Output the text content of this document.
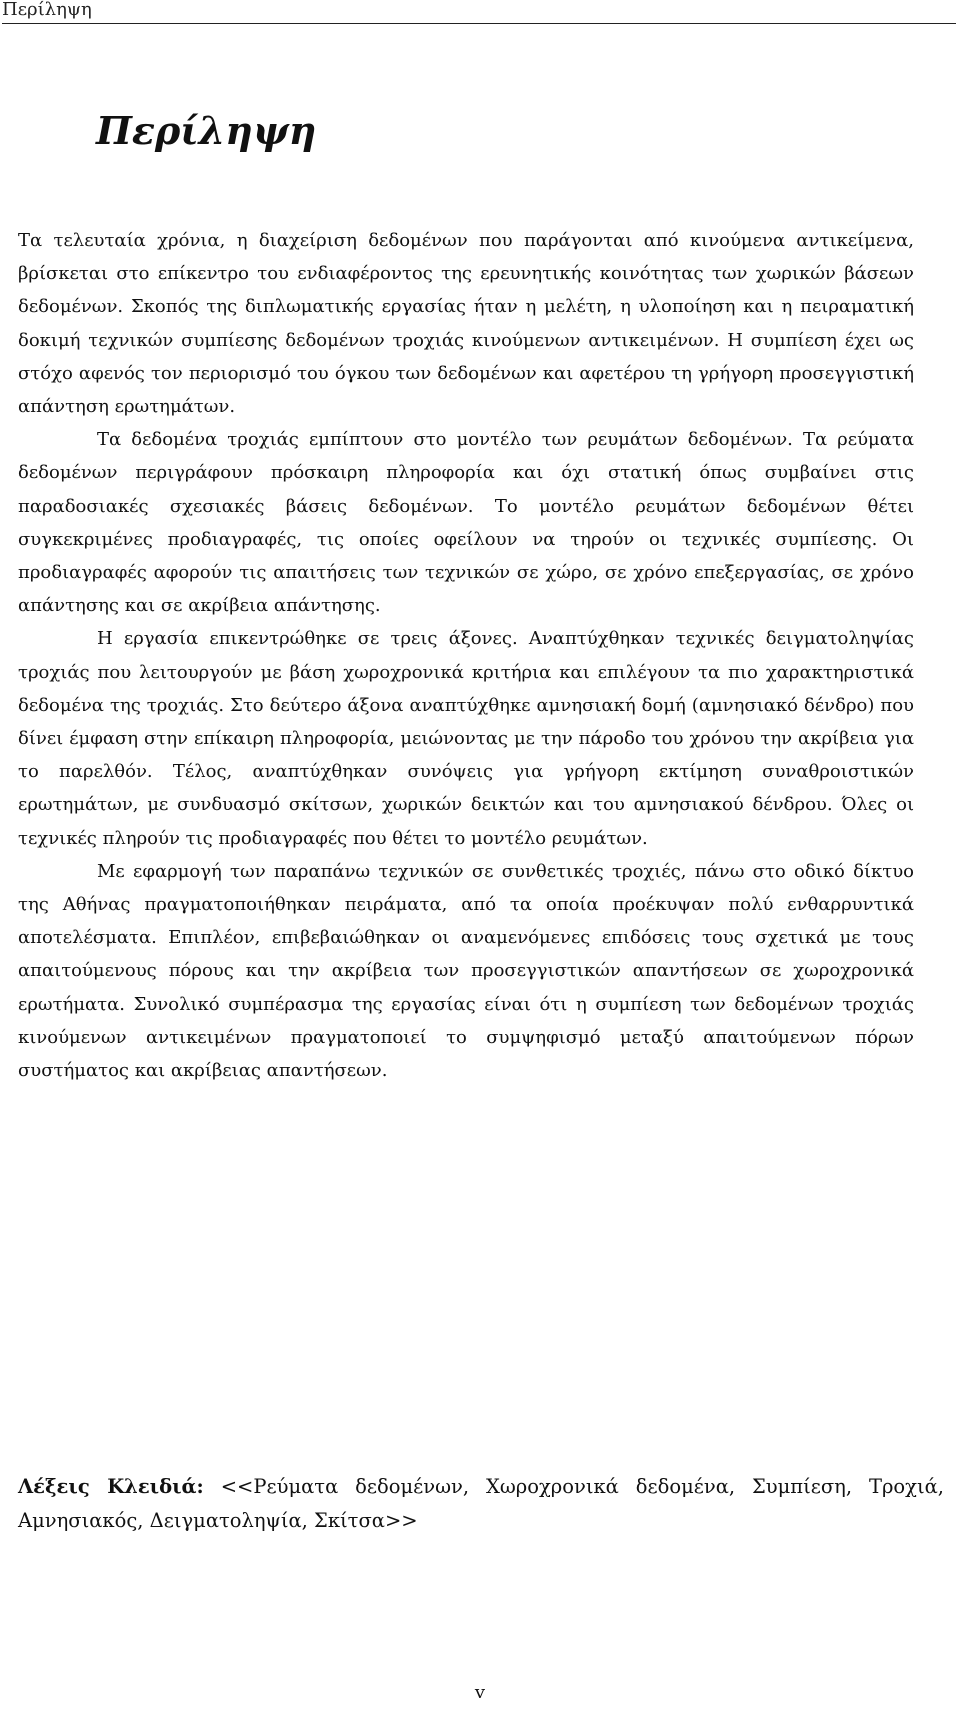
Περίληψη
Περίληψη

Τα τελευταία χρόνια, η διαχείριση δεδομένων που παράγονται από κινούμενα αντικείμενα, βρίσκεται στο επίκεντρο του ενδιαφέροντος της ερευνητικής κοινότητας των χωρικών βάσεων δεδομένων. Σκοπός της διπλωματικής εργασίας ήταν η μελέτη, η υλοποίηση και η πειραματική δοκιμή τεχνικών συμπίεσης δεδομένων τροχιάς κινούμενων αντικειμένων. Η συμπίεση έχει ως στόχο αφενός τον περιορισμό του όγκου των δεδομένων και αφετέρου τη γρήγορη προσεγγιστική απάντηση ερωτημάτων.

Τα δεδομένα τροχιάς εμπίπτουν στο μοντέλο των ρευμάτων δεδομένων. Τα ρεύματα δεδομένων περιγράφουν πρόσκαιρη πληροφορία και όχι στατική όπως συμβαίνει στις παραδοσιακές σχεσιακές βάσεις δεδομένων. Το μοντέλο ρευμάτων δεδομένων θέτει συγκεκριμένες προδιαγραφές, τις οποίες οφείλουν να τηρούν οι τεχνικές συμπίεσης. Οι προδιαγραφές αφορούν τις απαιτήσεις των τεχνικών σε χώρο, σε χρόνο επεξεργασίας, σε χρόνο απάντησης και σε ακρίβεια απάντησης.

Η εργασία επικεντρώθηκε σε τρεις άξονες. Αναπτύχθηκαν τεχνικές δειγματοληψίας τροχιάς που λειτουργούν με βάση χωροχρονικά κριτήρια και επιλέγουν τα πιο χαρακτηριστικά δεδομένα της τροχιάς. Στο δεύτερο άξονα αναπτύχθηκε αμνησιακή δομή (αμνησιακό δένδρο) που δίνει έμφαση στην επίκαιρη πληροφορία, μειώνοντας με την πάροδο του χρόνου την ακρίβεια για το παρελθόν. Τέλος, αναπτύχθηκαν συνόψεις για γρήγορη εκτίμηση συναθροιστικών ερωτημάτων, με συνδυασμό σκίτσων, χωρικών δεικτών και του αμνησιακού δένδρου. Όλες οι τεχνικές πληρούν τις προδιαγραφές που θέτει το μοντέλο ρευμάτων.

Με εφαρμογή των παραπάνω τεχνικών σε συνθετικές τροχιές, πάνω στο οδικό δίκτυο της Αθήνας πραγματοποιήθηκαν πειράματα, από τα οποία προέκυψαν πολύ ενθαρρυντικά αποτελέσματα. Επιπλέον, επιβεβαιώθηκαν οι αναμενόμενες επιδόσεις τους σχετικά με τους απαιτούμενους πόρους και την ακρίβεια των προσεγγιστικών απαντήσεων σε χωροχρονικά ερωτήματα. Συνολικό συμπέρασμα της εργασίας είναι ότι η συμπίεση των δεδομένων τροχιάς κινούμενων αντικειμένων πραγματοποιεί το συμψηφισμό μεταξύ απαιτούμενων πόρων συστήματος και ακρίβειας απαντήσεων.

Λέξεις Κλειδιά: <<Ρεύματα δεδομένων, Χωροχρονικά δεδομένα, Συμπίεση, Τροχιά, Αμνησιακός, Δειγματοληψία, Σκίτσα>>
v
